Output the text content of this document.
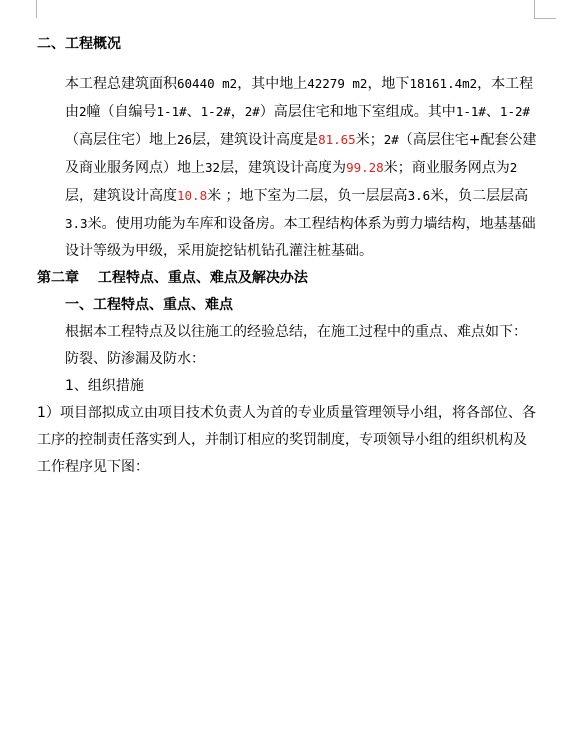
二、工程概况

本工程总建筑面积60440 m2，其中地上42279 m2，地下18161.4m2，本工程由2幢（自编号1-1#、1-2#，2#）高层住宅和地下室组成。其中1-1#、1-2#（高层住宅）地上26层，建筑设计高度是81.65米；2#（高层住宅+配套公建及商业服务网点）地上32层，建筑设计高度为99.28米；商业服务网点为2层，建筑设计高度10.8米 ；地下室为二层，负一层层高3.6米，负二层层高3.3米。使用功能为车库和设备房。本工程结构体系为剪力墙结构，地基基础设计等级为甲级，采用旋挖钻机钻孔灌注桩基础。

第二章　 工程特点、重点、难点及解决办法

一、工程特点、重点、难点

根据本工程特点及以往施工的经验总结，在施工过程中的重点、难点如下：

防裂、防渗漏及防水：

1、组织措施

1）项目部拟成立由项目技术负责人为首的专业质量管理领导小组，将各部位、各工序的控制责任落实到人，并制订相应的奖罚制度，专项领导小组的组织机构及工作程序见下图：
